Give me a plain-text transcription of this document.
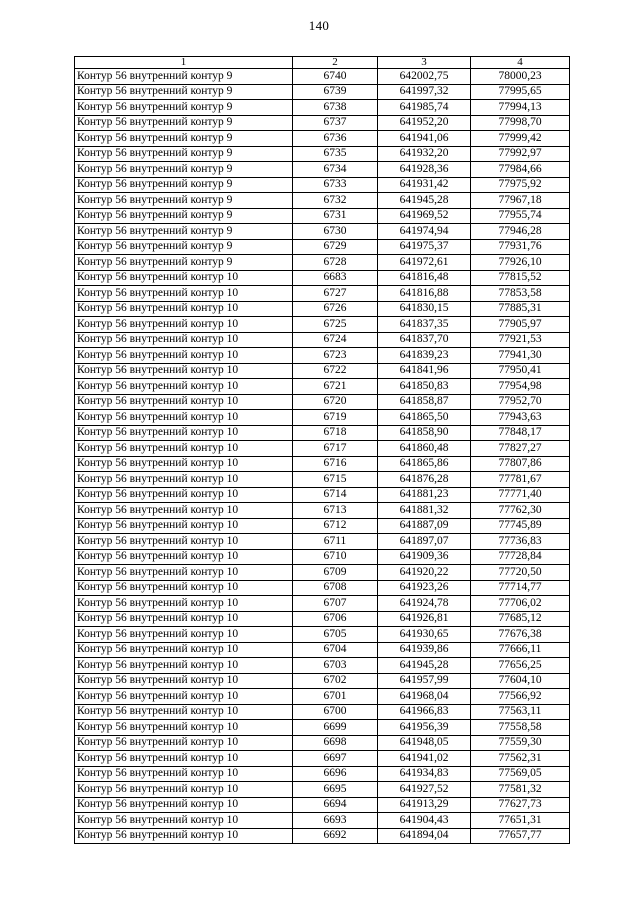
140
1	2	3	4
Контур 56 внутренний контур 9	6740	642002,75	78000,23
Контур 56 внутренний контур 9	6739	641997,32	77995,65
Контур 56 внутренний контур 9	6738	641985,74	77994,13
Контур 56 внутренний контур 9	6737	641952,20	77998,70
Контур 56 внутренний контур 9	6736	641941,06	77999,42
Контур 56 внутренний контур 9	6735	641932,20	77992,97
Контур 56 внутренний контур 9	6734	641928,36	77984,66
Контур 56 внутренний контур 9	6733	641931,42	77975,92
Контур 56 внутренний контур 9	6732	641945,28	77967,18
Контур 56 внутренний контур 9	6731	641969,52	77955,74
Контур 56 внутренний контур 9	6730	641974,94	77946,28
Контур 56 внутренний контур 9	6729	641975,37	77931,76
Контур 56 внутренний контур 9	6728	641972,61	77926,10
Контур 56 внутренний контур 10	6683	641816,48	77815,52
Контур 56 внутренний контур 10	6727	641816,88	77853,58
Контур 56 внутренний контур 10	6726	641830,15	77885,31
Контур 56 внутренний контур 10	6725	641837,35	77905,97
Контур 56 внутренний контур 10	6724	641837,70	77921,53
Контур 56 внутренний контур 10	6723	641839,23	77941,30
Контур 56 внутренний контур 10	6722	641841,96	77950,41
Контур 56 внутренний контур 10	6721	641850,83	77954,98
Контур 56 внутренний контур 10	6720	641858,87	77952,70
Контур 56 внутренний контур 10	6719	641865,50	77943,63
Контур 56 внутренний контур 10	6718	641858,90	77848,17
Контур 56 внутренний контур 10	6717	641860,48	77827,27
Контур 56 внутренний контур 10	6716	641865,86	77807,86
Контур 56 внутренний контур 10	6715	641876,28	77781,67
Контур 56 внутренний контур 10	6714	641881,23	77771,40
Контур 56 внутренний контур 10	6713	641881,32	77762,30
Контур 56 внутренний контур 10	6712	641887,09	77745,89
Контур 56 внутренний контур 10	6711	641897,07	77736,83
Контур 56 внутренний контур 10	6710	641909,36	77728,84
Контур 56 внутренний контур 10	6709	641920,22	77720,50
Контур 56 внутренний контур 10	6708	641923,26	77714,77
Контур 56 внутренний контур 10	6707	641924,78	77706,02
Контур 56 внутренний контур 10	6706	641926,81	77685,12
Контур 56 внутренний контур 10	6705	641930,65	77676,38
Контур 56 внутренний контур 10	6704	641939,86	77666,11
Контур 56 внутренний контур 10	6703	641945,28	77656,25
Контур 56 внутренний контур 10	6702	641957,99	77604,10
Контур 56 внутренний контур 10	6701	641968,04	77566,92
Контур 56 внутренний контур 10	6700	641966,83	77563,11
Контур 56 внутренний контур 10	6699	641956,39	77558,58
Контур 56 внутренний контур 10	6698	641948,05	77559,30
Контур 56 внутренний контур 10	6697	641941,02	77562,31
Контур 56 внутренний контур 10	6696	641934,83	77569,05
Контур 56 внутренний контур 10	6695	641927,52	77581,32
Контур 56 внутренний контур 10	6694	641913,29	77627,73
Контур 56 внутренний контур 10	6693	641904,43	77651,31
Контур 56 внутренний контур 10	6692	641894,04	77657,77
